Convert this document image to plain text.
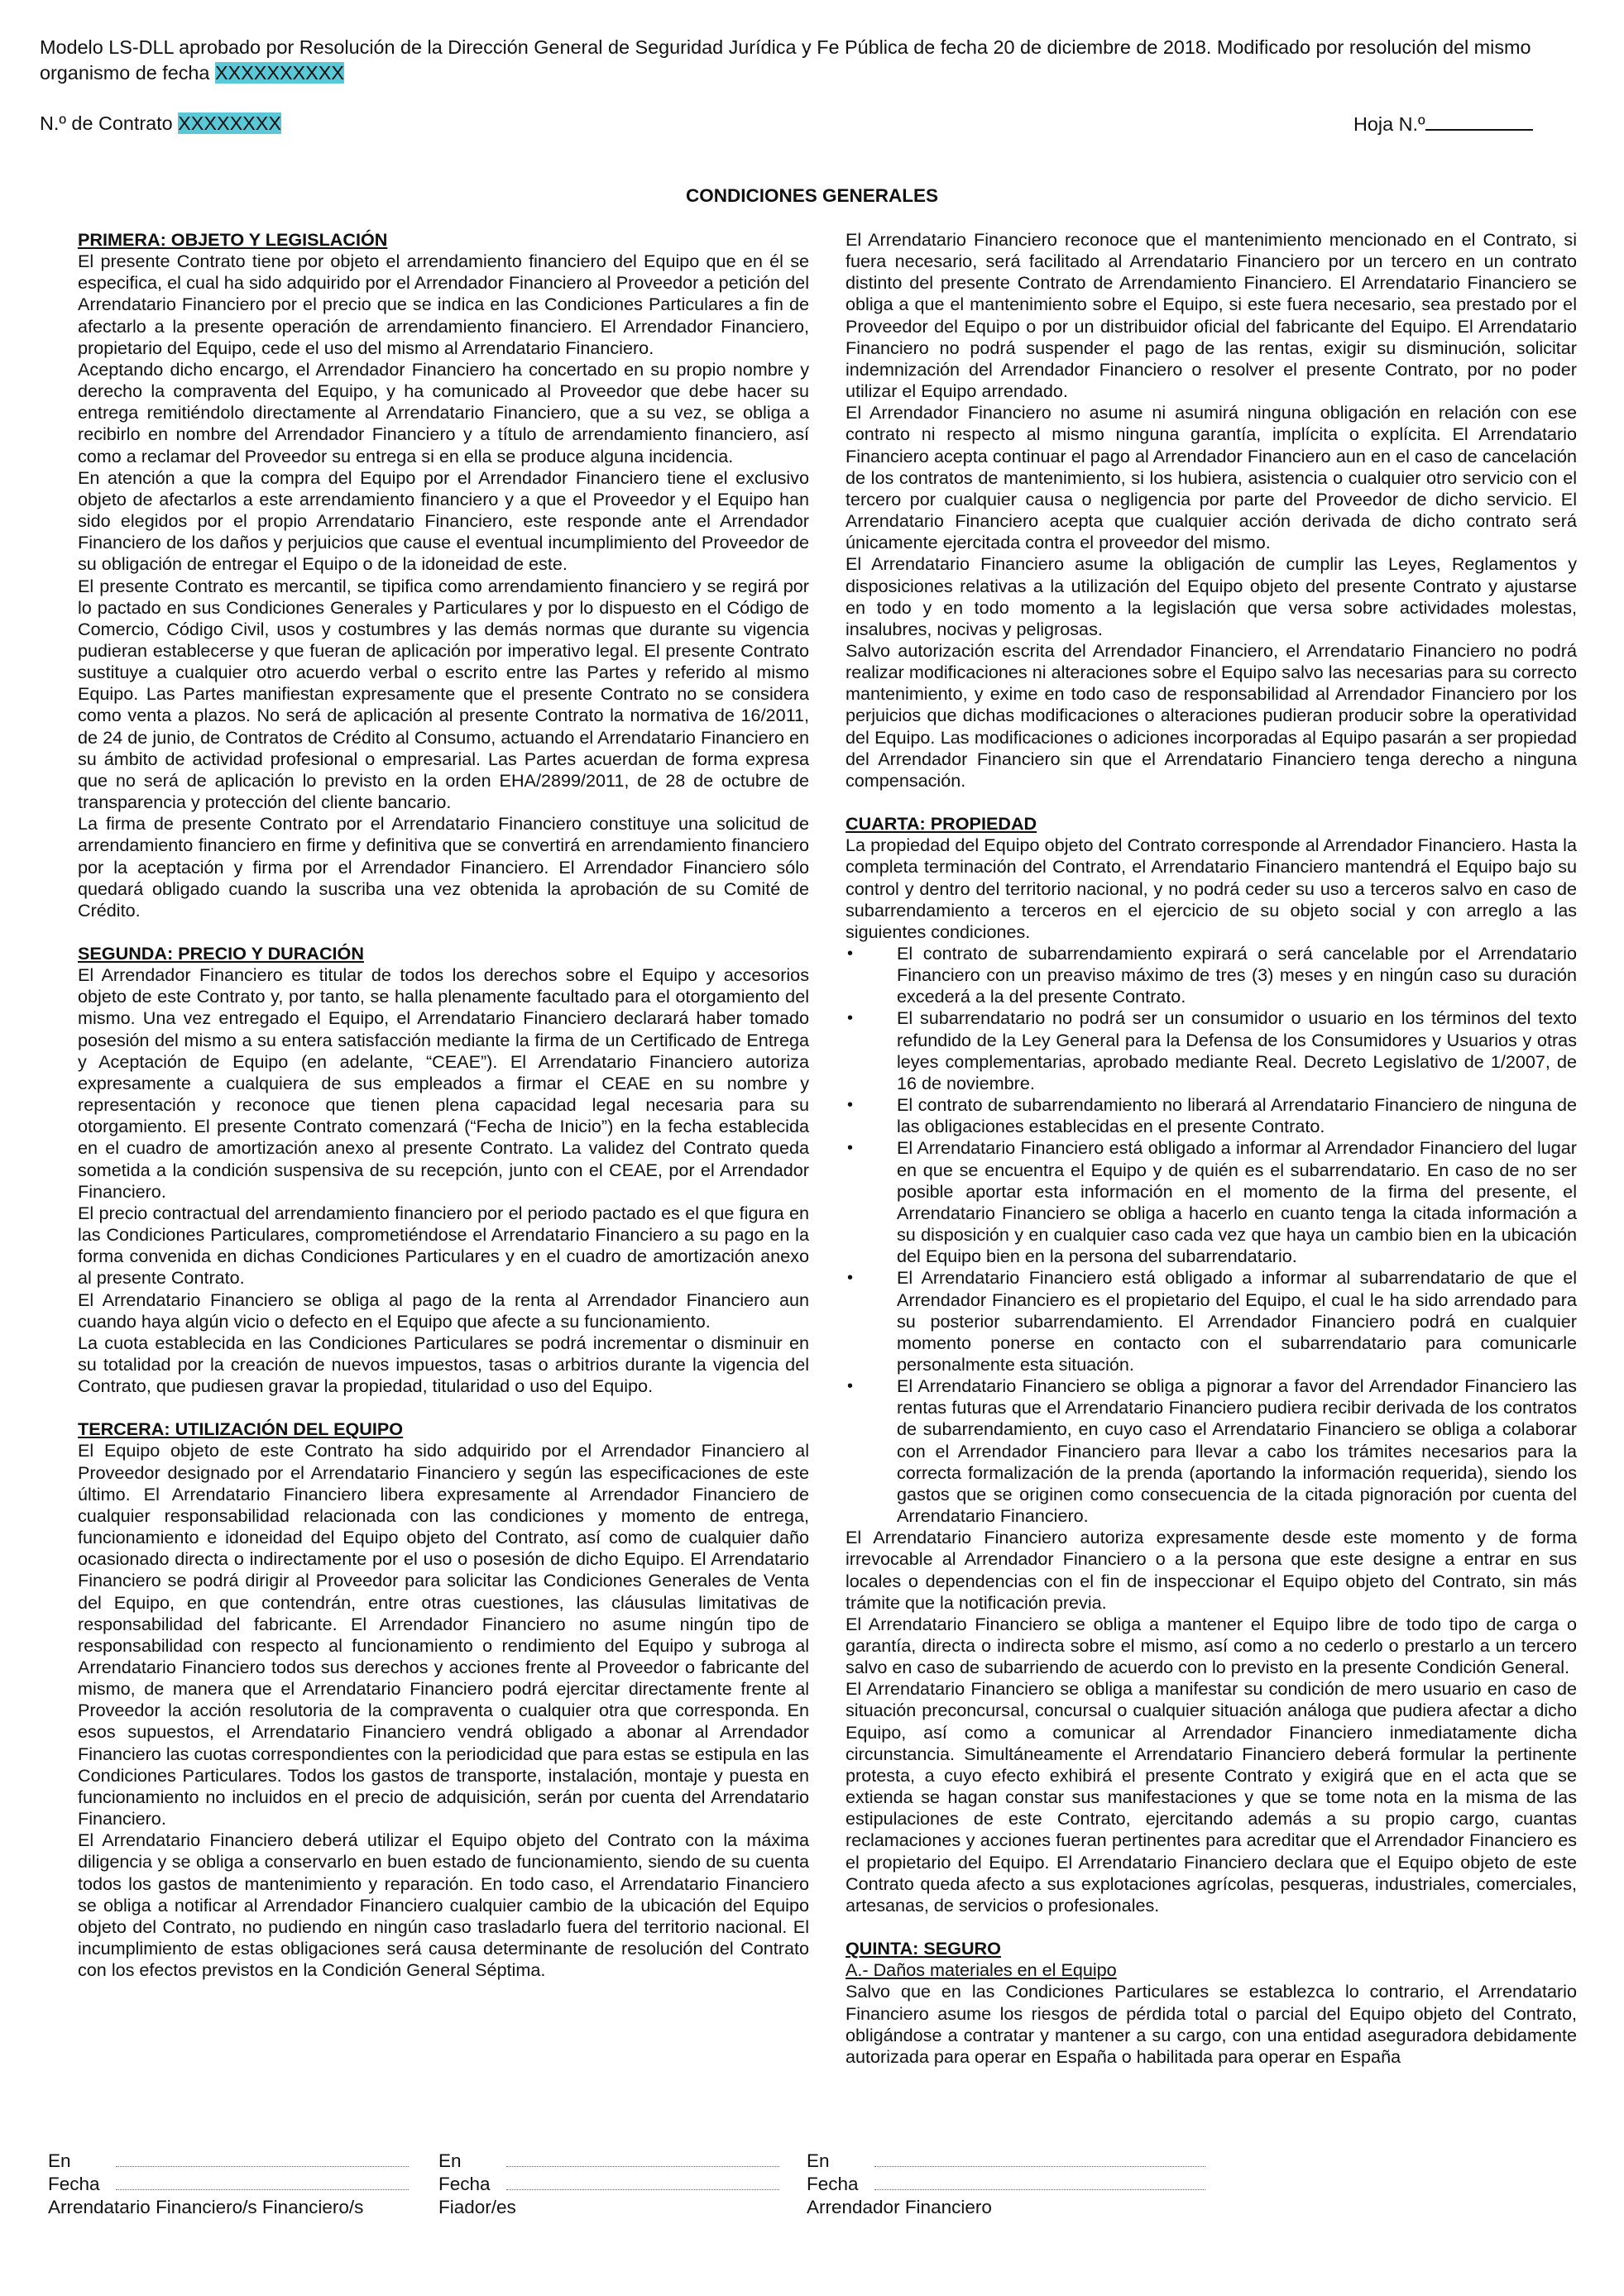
Modelo LS-DLL aprobado por Resolución de la Dirección General de Seguridad Jurídica y Fe Pública de fecha 20 de diciembre de 2018. Modificado por resolución del mismo organismo de fecha XXXXXXXXXX
N.º de Contrato XXXXXXXX	Hoja N.º
CONDICIONES GENERALES
PRIMERA: OBJETO Y LEGISLACIÓN

El presente Contrato tiene por objeto el arrendamiento financiero del Equipo que en él se especifica, el cual ha sido adquirido por el Arrendador Financiero al Proveedor a petición del Arrendatario Financiero por el precio que se indica en las Condiciones Particulares a fin de afectarlo a la presente operación de arrendamiento financiero. El Arrendador Financiero, propietario del Equipo, cede el uso del mismo al Arrendatario Financiero.

Aceptando dicho encargo, el Arrendador Financiero ha concertado en su propio nombre y derecho la compraventa del Equipo, y ha comunicado al Proveedor que debe hacer su entrega remitiéndolo directamente al Arrendatario Financiero, que a su vez, se obliga a recibirlo en nombre del Arrendador Financiero y a título de arrendamiento financiero, así como a reclamar del Proveedor su entrega si en ella se produce alguna incidencia.

En atención a que la compra del Equipo por el Arrendador Financiero tiene el exclusivo objeto de afectarlos a este arrendamiento financiero y a que el Proveedor y el Equipo han sido elegidos por el propio Arrendatario Financiero, este responde ante el Arrendador Financiero de los daños y perjuicios que cause el eventual incumplimiento del Proveedor de su obligación de entregar el Equipo o de la idoneidad de este.

El presente Contrato es mercantil, se tipifica como arrendamiento financiero y se regirá por lo pactado en sus Condiciones Generales y Particulares y por lo dispuesto en el Código de Comercio, Código Civil, usos y costumbres y las demás normas que durante su vigencia pudieran establecerse y que fueran de aplicación por imperativo legal. El presente Contrato sustituye a cualquier otro acuerdo verbal o escrito entre las Partes y referido al mismo Equipo. Las Partes manifiestan expresamente que el presente Contrato no se considera como venta a plazos. No será de aplicación al presente Contrato la normativa de 16/2011, de 24 de junio, de Contratos de Crédito al Consumo, actuando el Arrendatario Financiero en su ámbito de actividad profesional o empresarial. Las Partes acuerdan de forma expresa que no será de aplicación lo previsto en la orden EHA/2899/2011, de 28 de octubre de transparencia y protección del cliente bancario.

La firma de presente Contrato por el Arrendatario Financiero constituye una solicitud de arrendamiento financiero en firme y definitiva que se convertirá en arrendamiento financiero por la aceptación y firma por el Arrendador Financiero. El Arrendador Financiero sólo quedará obligado cuando la suscriba una vez obtenida la aprobación de su Comité de Crédito.

SEGUNDA: PRECIO Y DURACIÓN

El Arrendador Financiero es titular de todos los derechos sobre el Equipo y accesorios objeto de este Contrato y, por tanto, se halla plenamente facultado para el otorgamiento del mismo. Una vez entregado el Equipo, el Arrendatario Financiero declarará haber tomado posesión del mismo a su entera satisfacción mediante la firma de un Certificado de Entrega y Aceptación de Equipo (en adelante, “CEAE”). El Arrendatario Financiero autoriza expresamente a cualquiera de sus empleados a firmar el CEAE en su nombre y representación y reconoce que tienen plena capacidad legal necesaria para su otorgamiento. El presente Contrato comenzará (“Fecha de Inicio”) en la fecha establecida en el cuadro de amortización anexo al presente Contrato. La validez del Contrato queda sometida a la condición suspensiva de su recepción, junto con el CEAE, por el Arrendador Financiero.

El precio contractual del arrendamiento financiero por el periodo pactado es el que figura en las Condiciones Particulares, comprometiéndose el Arrendatario Financiero a su pago en la forma convenida en dichas Condiciones Particulares y en el cuadro de amortización anexo al presente Contrato.

El Arrendatario Financiero se obliga al pago de la renta al Arrendador Financiero aun cuando haya algún vicio o defecto en el Equipo que afecte a su funcionamiento.

La cuota establecida en las Condiciones Particulares se podrá incrementar o disminuir en su totalidad por la creación de nuevos impuestos, tasas o arbitrios durante la vigencia del Contrato, que pudiesen gravar la propiedad, titularidad o uso del Equipo.

TERCERA: UTILIZACIÓN DEL EQUIPO

El Equipo objeto de este Contrato ha sido adquirido por el Arrendador Financiero al Proveedor designado por el Arrendatario Financiero y según las especificaciones de este último. El Arrendatario Financiero libera expresamente al Arrendador Financiero de cualquier responsabilidad relacionada con las condiciones y momento de entrega, funcionamiento e idoneidad del Equipo objeto del Contrato, así como de cualquier daño ocasionado directa o indirectamente por el uso o posesión de dicho Equipo. El Arrendatario Financiero se podrá dirigir al Proveedor para solicitar las Condiciones Generales de Venta del Equipo, en que contendrán, entre otras cuestiones, las cláusulas limitativas de responsabilidad del fabricante. El Arrendador Financiero no asume ningún tipo de responsabilidad con respecto al funcionamiento o rendimiento del Equipo y subroga al Arrendatario Financiero todos sus derechos y acciones frente al Proveedor o fabricante del mismo, de manera que el Arrendatario Financiero podrá ejercitar directamente frente al Proveedor la acción resolutoria de la compraventa o cualquier otra que corresponda. En esos supuestos, el Arrendatario Financiero vendrá obligado a abonar al Arrendador Financiero las cuotas correspondientes con la periodicidad que para estas se estipula en las Condiciones Particulares. Todos los gastos de transporte, instalación, montaje y puesta en funcionamiento no incluidos en el precio de adquisición, serán por cuenta del Arrendatario Financiero.

El Arrendatario Financiero deberá utilizar el Equipo objeto del Contrato con la máxima diligencia y se obliga a conservarlo en buen estado de funcionamiento, siendo de su cuenta todos los gastos de mantenimiento y reparación. En todo caso, el Arrendatario Financiero se obliga a notificar al Arrendador Financiero cualquier cambio de la ubicación del Equipo objeto del Contrato, no pudiendo en ningún caso trasladarlo fuera del territorio nacional. El incumplimiento de estas obligaciones será causa determinante de resolución del Contrato con los efectos previstos en la Condición General Séptima.

El Arrendatario Financiero reconoce que el mantenimiento mencionado en el Contrato, si fuera necesario, será facilitado al Arrendatario Financiero por un tercero en un contrato distinto del presente Contrato de Arrendamiento Financiero. El Arrendatario Financiero se obliga a que el mantenimiento sobre el Equipo, si este fuera necesario, sea prestado por el Proveedor del Equipo o por un distribuidor oficial del fabricante del Equipo. El Arrendatario Financiero no podrá suspender el pago de las rentas, exigir su disminución, solicitar indemnización del Arrendador Financiero o resolver el presente Contrato, por no poder utilizar el Equipo arrendado.

El Arrendador Financiero no asume ni asumirá ninguna obligación en relación con ese contrato ni respecto al mismo ninguna garantía, implícita o explícita. El Arrendatario Financiero acepta continuar el pago al Arrendador Financiero aun en el caso de cancelación de los contratos de mantenimiento, si los hubiera, asistencia o cualquier otro servicio con el tercero por cualquier causa o negligencia por parte del Proveedor de dicho servicio. El Arrendatario Financiero acepta que cualquier acción derivada de dicho contrato será únicamente ejercitada contra el proveedor del mismo.

El Arrendatario Financiero asume la obligación de cumplir las Leyes, Reglamentos y disposiciones relativas a la utilización del Equipo objeto del presente Contrato y ajustarse en todo y en todo momento a la legislación que versa sobre actividades molestas, insalubres, nocivas y peligrosas.

Salvo autorización escrita del Arrendador Financiero, el Arrendatario Financiero no podrá realizar modificaciones ni alteraciones sobre el Equipo salvo las necesarias para su correcto mantenimiento, y exime en todo caso de responsabilidad al Arrendador Financiero por los perjuicios que dichas modificaciones o alteraciones pudieran producir sobre la operatividad del Equipo. Las modificaciones o adiciones incorporadas al Equipo pasarán a ser propiedad del Arrendador Financiero sin que el Arrendatario Financiero tenga derecho a ninguna compensación.

CUARTA: PROPIEDAD

La propiedad del Equipo objeto del Contrato corresponde al Arrendador Financiero. Hasta la completa terminación del Contrato, el Arrendatario Financiero mantendrá el Equipo bajo su control y dentro del territorio nacional, y no podrá ceder su uso a terceros salvo en caso de subarrendamiento a terceros en el ejercicio de su objeto social y con arreglo a las siguientes condiciones.

• El contrato de subarrendamiento expirará o será cancelable por el Arrendatario Financiero con un preaviso máximo de tres (3) meses y en ningún caso su duración excederá a la del presente Contrato.
• El subarrendatario no podrá ser un consumidor o usuario en los términos del texto refundido de la Ley General para la Defensa de los Consumidores y Usuarios y otras leyes complementarias, aprobado mediante Real. Decreto Legislativo de 1/2007, de 16 de noviembre.
• El contrato de subarrendamiento no liberará al Arrendatario Financiero de ninguna de las obligaciones establecidas en el presente Contrato.
• El Arrendatario Financiero está obligado a informar al Arrendador Financiero del lugar en que se encuentra el Equipo y de quién es el subarrendatario. En caso de no ser posible aportar esta información en el momento de la firma del presente, el Arrendatario Financiero se obliga a hacerlo en cuanto tenga la citada información a su disposición y en cualquier caso cada vez que haya un cambio bien en la ubicación del Equipo bien en la persona del subarrendatario.
• El Arrendatario Financiero está obligado a informar al subarrendatario de que el Arrendador Financiero es el propietario del Equipo, el cual le ha sido arrendado para su posterior subarrendamiento. El Arrendador Financiero podrá en cualquier momento ponerse en contacto con el subarrendatario para comunicarle personalmente esta situación.
• El Arrendatario Financiero se obliga a pignorar a favor del Arrendador Financiero las rentas futuras que el Arrendatario Financiero pudiera recibir derivada de los contratos de subarrendamiento, en cuyo caso el Arrendatario Financiero se obliga a colaborar con el Arrendador Financiero para llevar a cabo los trámites necesarios para la correcta formalización de la prenda (aportando la información requerida), siendo los gastos que se originen como consecuencia de la citada pignoración por cuenta del Arrendatario Financiero.

El Arrendatario Financiero autoriza expresamente desde este momento y de forma irrevocable al Arrendador Financiero o a la persona que este designe a entrar en sus locales o dependencias con el fin de inspeccionar el Equipo objeto del Contrato, sin más trámite que la notificación previa.

El Arrendatario Financiero se obliga a mantener el Equipo libre de todo tipo de carga o garantía, directa o indirecta sobre el mismo, así como a no cederlo o prestarlo a un tercero salvo en caso de subarriendo de acuerdo con lo previsto en la presente Condición General.

El Arrendatario Financiero se obliga a manifestar su condición de mero usuario en caso de situación preconcursal, concursal o cualquier situación análoga que pudiera afectar a dicho Equipo, así como a comunicar al Arrendador Financiero inmediatamente dicha circunstancia. Simultáneamente el Arrendatario Financiero deberá formular la pertinente protesta, a cuyo efecto exhibirá el presente Contrato y exigirá que en el acta que se extienda se hagan constar sus manifestaciones y que se tome nota en la misma de las estipulaciones de este Contrato, ejercitando además a su propio cargo, cuantas reclamaciones y acciones fueran pertinentes para acreditar que el Arrendador Financiero es el propietario del Equipo. El Arrendatario Financiero declara que el Equipo objeto de este Contrato queda afecto a sus explotaciones agrícolas, pesqueras, industriales, comerciales, artesanas, de servicios o profesionales.

QUINTA: SEGURO

A.- Daños materiales en el Equipo

Salvo que en las Condiciones Particulares se establezca lo contrario, el Arrendatario Financiero asume los riesgos de pérdida total o parcial del Equipo objeto del Contrato, obligándose a contratar y mantener a su cargo, con una entidad aseguradora debidamente autorizada para operar en España o habilitada para operar en España

En
Fecha
Arrendatario Financiero/s Financiero/s
En
Fecha
Fiador/es
En
Fecha
Arrendador Financiero
